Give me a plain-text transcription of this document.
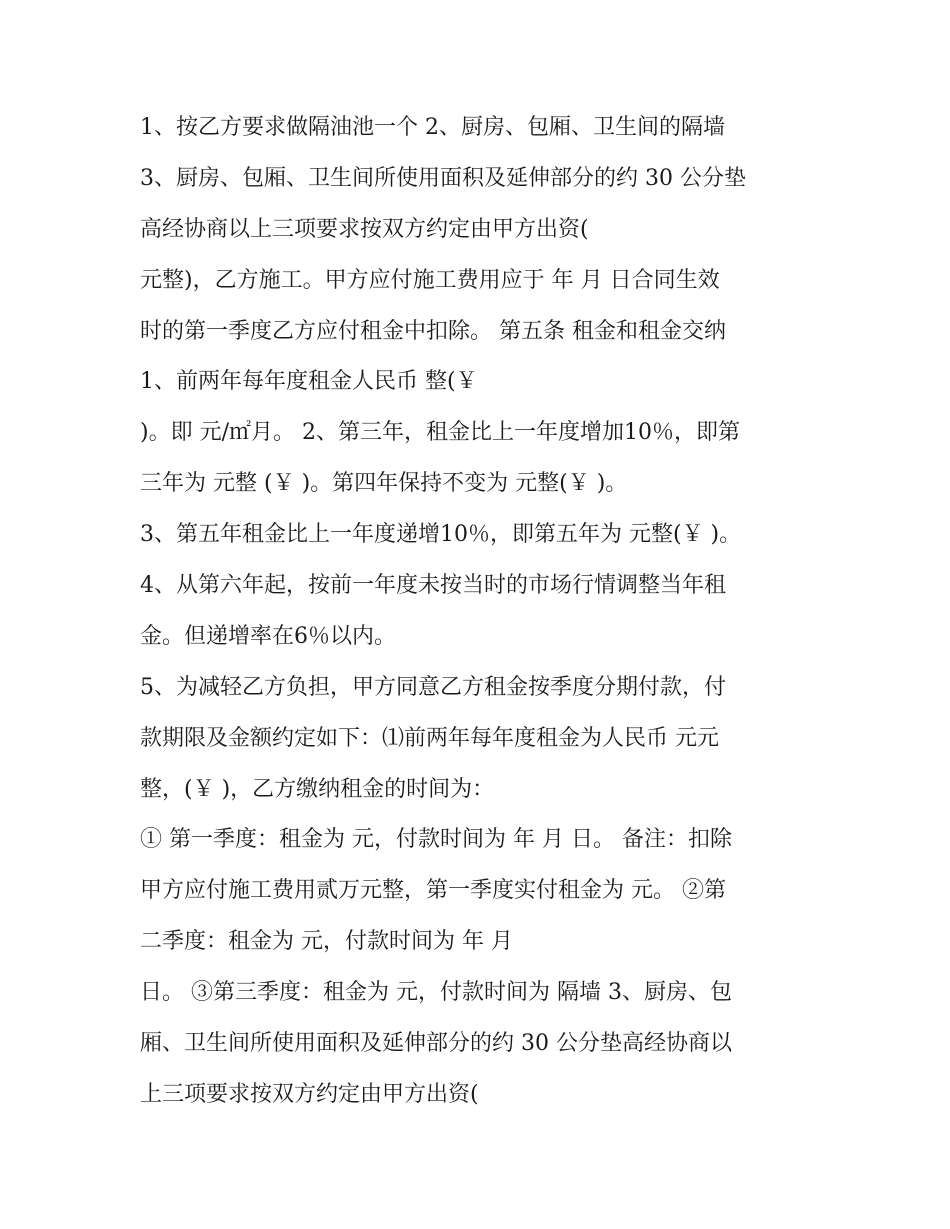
1、按乙方要求做隔油池一个 2、厨房、包厢、卫生间的隔墙
3、厨房、包厢、卫生间所使用面积及延伸部分的约 30 公分垫
高经协商以上三项要求按双方约定由甲方出资(
元整)，乙方施工。甲方应付施工费用应于 年 月 日合同生效
时的第一季度乙方应付租金中扣除。 第五条 租金和租金交纳
1、前两年每年度租金人民币 整(￥
)。即 元/㎡月。 2、第三年，租金比上一年度增加10％，即第
三年为 元整 (￥ )。第四年保持不变为 元整(￥ )。
3、第五年租金比上一年度递增10％，即第五年为 元整(￥ )。
4、从第六年起，按前一年度未按当时的市场行情调整当年租
金。但递增率在6％以内。
5、为减轻乙方负担，甲方同意乙方租金按季度分期付款，付
款期限及金额约定如下：⑴前两年每年度租金为人民币 元元
整，(￥ )，乙方缴纳租金的时间为：
① 第一季度：租金为 元，付款时间为 年 月 日。 备注：扣除
甲方应付施工费用贰万元整，第一季度实付租金为 元。 ②第
二季度：租金为 元，付款时间为 年 月
日。 ③第三季度：租金为 元，付款时间为 隔墙 3、厨房、包
厢、卫生间所使用面积及延伸部分的约 30 公分垫高经协商以
上三项要求按双方约定由甲方出资(
